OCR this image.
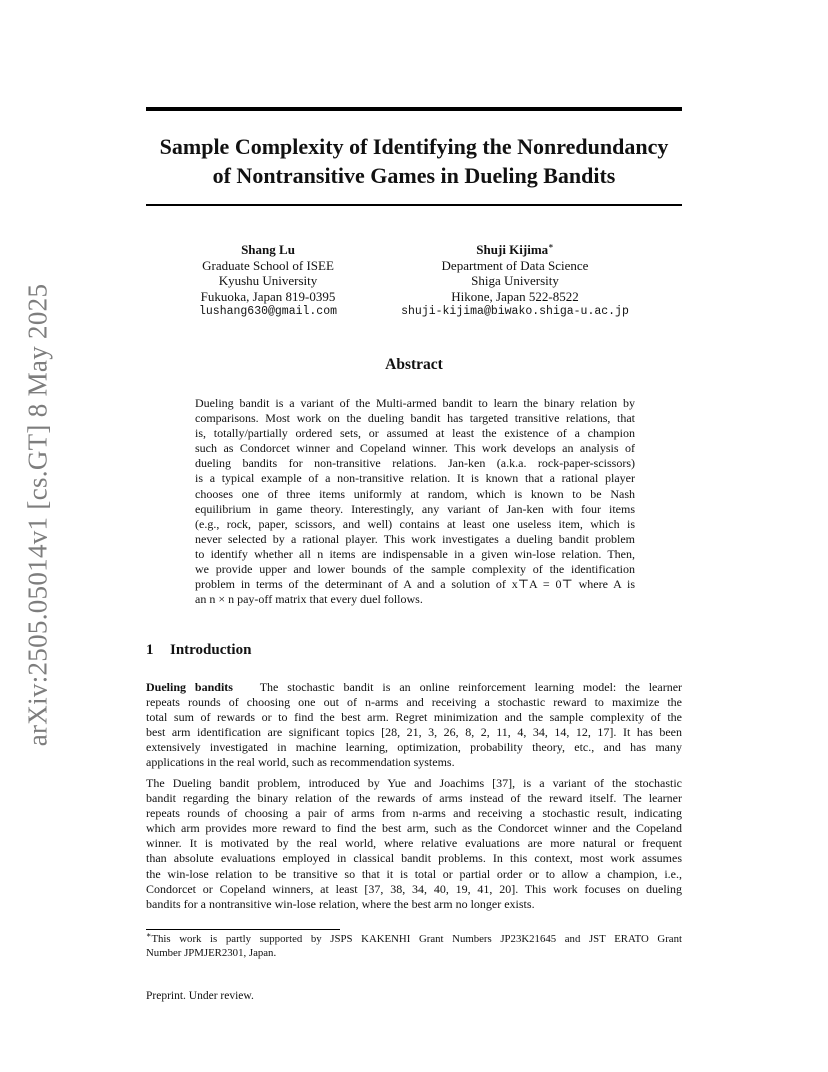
arXiv:2505.05014v1 [cs.GT] 8 May 2025
Sample Complexity of Identifying the Nonredundancy
of Nontransitive Games in Dueling Bandits
Shang Lu
Graduate School of ISEE
Kyushu University
Fukuoka, Japan 819-0395
lushang630@gmail.com
Shuji Kijima∗
Department of Data Science
Shiga University
Hikone, Japan 522-8522
shuji-kijima@biwako.shiga-u.ac.jp
Abstract
Dueling bandit is a variant of the Multi-armed bandit to learn the binary relation by
comparisons. Most work on the dueling bandit has targeted transitive relations, that
is, totally/partially ordered sets, or assumed at least the existence of a champion
such as Condorcet winner and Copeland winner. This work develops an analysis of
dueling bandits for non-transitive relations. Jan-ken (a.k.a. rock-paper-scissors)
is a typical example of a non-transitive relation. It is known that a rational player
chooses one of three items uniformly at random, which is known to be Nash
equilibrium in game theory. Interestingly, any variant of Jan-ken with four items
(e.g., rock, paper, scissors, and well) contains at least one useless item, which is
never selected by a rational player. This work investigates a dueling bandit problem
to identify whether all n items are indispensable in a given win-lose relation. Then,
we provide upper and lower bounds of the sample complexity of the identification
problem in terms of the determinant of A and a solution of x⊤A = 0⊤ where A is
an n × n pay-off matrix that every duel follows.
1 Introduction
Dueling bandits The stochastic bandit is an online reinforcement learning model: the learner
repeats rounds of choosing one out of n-arms and receiving a stochastic reward to maximize the
total sum of rewards or to find the best arm. Regret minimization and the sample complexity of the
best arm identification are significant topics [28, 21, 3, 26, 8, 2, 11, 4, 34, 14, 12, 17]. It has been
extensively investigated in machine learning, optimization, probability theory, etc., and has many
applications in the real world, such as recommendation systems.
The Dueling bandit problem, introduced by Yue and Joachims [37], is a variant of the stochastic
bandit regarding the binary relation of the rewards of arms instead of the reward itself. The learner
repeats rounds of choosing a pair of arms from n-arms and receiving a stochastic result, indicating
which arm provides more reward to find the best arm, such as the Condorcet winner and the Copeland
winner. It is motivated by the real world, where relative evaluations are more natural or frequent
than absolute evaluations employed in classical bandit problems. In this context, most work assumes
the win-lose relation to be transitive so that it is total or partial order or to allow a champion, i.e.,
Condorcet or Copeland winners, at least [37, 38, 34, 40, 19, 41, 20]. This work focuses on dueling
bandits for a nontransitive win-lose relation, where the best arm no longer exists.
∗This work is partly supported by JSPS KAKENHI Grant Numbers JP23K21645 and JST ERATO Grant
Number JPMJER2301, Japan.
Preprint. Under review.
